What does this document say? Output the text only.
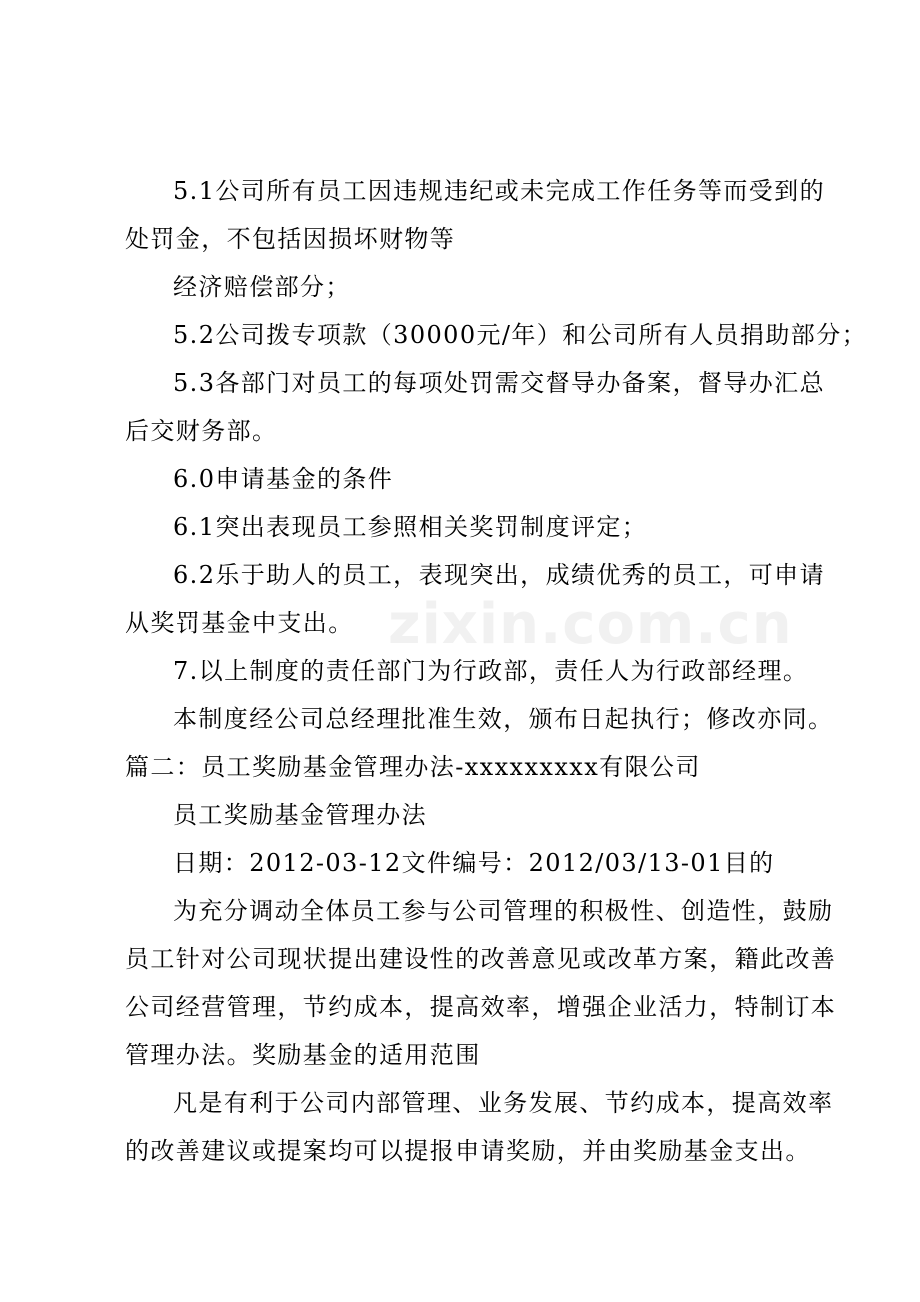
5.1公司所有员工因违规违纪或未完成工作任务等而受到的

处罚金，不包括因损坏财物等

经济赔偿部分；

5.2公司拨专项款（30000元/年）和公司所有人员捐助部分；

5.3各部门对员工的每项处罚需交督导办备案，督导办汇总

后交财务部。

6.0申请基金的条件

6.1突出表现员工参照相关奖罚制度评定；

6.2乐于助人的员工，表现突出，成绩优秀的员工，可申请

从奖罚基金中支出。

7.以上制度的责任部门为行政部，责任人为行政部经理。

本制度经公司总经理批准生效，颁布日起执行；修改亦同。

篇二：员工奖励基金管理办法-xxxxxxxxx有限公司

员工奖励基金管理办法

日期：2012-03-12文件编号：2012/03/13-01目的

为充分调动全体员工参与公司管理的积极性、创造性，鼓励

员工针对公司现状提出建设性的改善意见或改革方案，籍此改善

公司经营管理，节约成本，提高效率，增强企业活力，特制订本

管理办法。奖励基金的适用范围

凡是有利于公司内部管理、业务发展、节约成本，提高效率

的改善建议或提案均可以提报申请奖励，并由奖励基金支出。

zixin.com.cn
